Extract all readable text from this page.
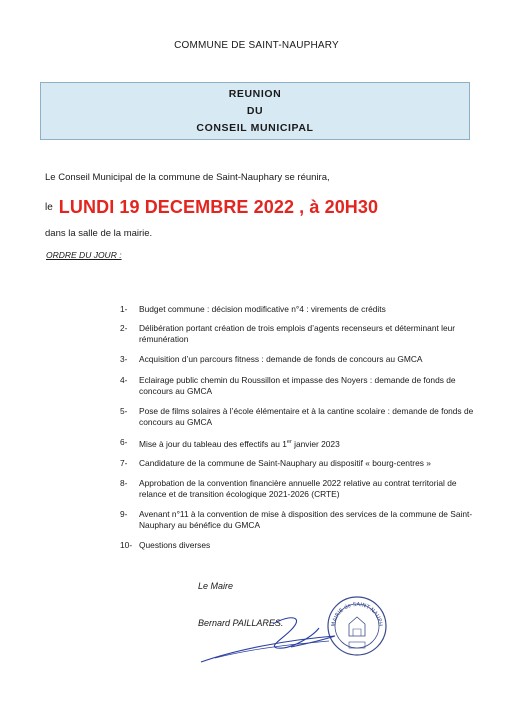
COMMUNE DE SAINT-NAUPHARY
REUNION
DU
CONSEIL MUNICIPAL
Le Conseil Municipal de la commune de Saint-Nauphary se réunira,
le LUNDI 19 DECEMBRE 2022 , à 20H30
dans la salle de la mairie.
ORDRE DU JOUR :
1-	Budget commune : décision modificative n°4 : virements de crédits
2-	Délibération portant création de trois emplois d’agents recenseurs et déterminant leur rémunération
3-	Acquisition d’un parcours fitness : demande de fonds de concours au GMCA
4-	Eclairage public chemin du Roussillon et impasse des Noyers : demande de fonds de concours au GMCA
5-	Pose de films solaires à l’école élémentaire et à la cantine scolaire : demande de fonds de concours au GMCA
6-	Mise à jour du tableau des effectifs au 1er janvier 2023
7-	Candidature de la commune de Saint-Nauphary au dispositif « bourg-centres »
8-	Approbation de la convention financière annuelle 2022 relative au contrat territorial de relance et de transition écologique 2021-2026 (CRTE)
9-	Avenant n°11 à la convention de mise à disposition des services de la commune de Saint-Nauphary au bénéfice du GMCA
10- Questions diverses
Le Maire
MAIRIE de SAINT-NAUPH
Bernard PAILLARES.
